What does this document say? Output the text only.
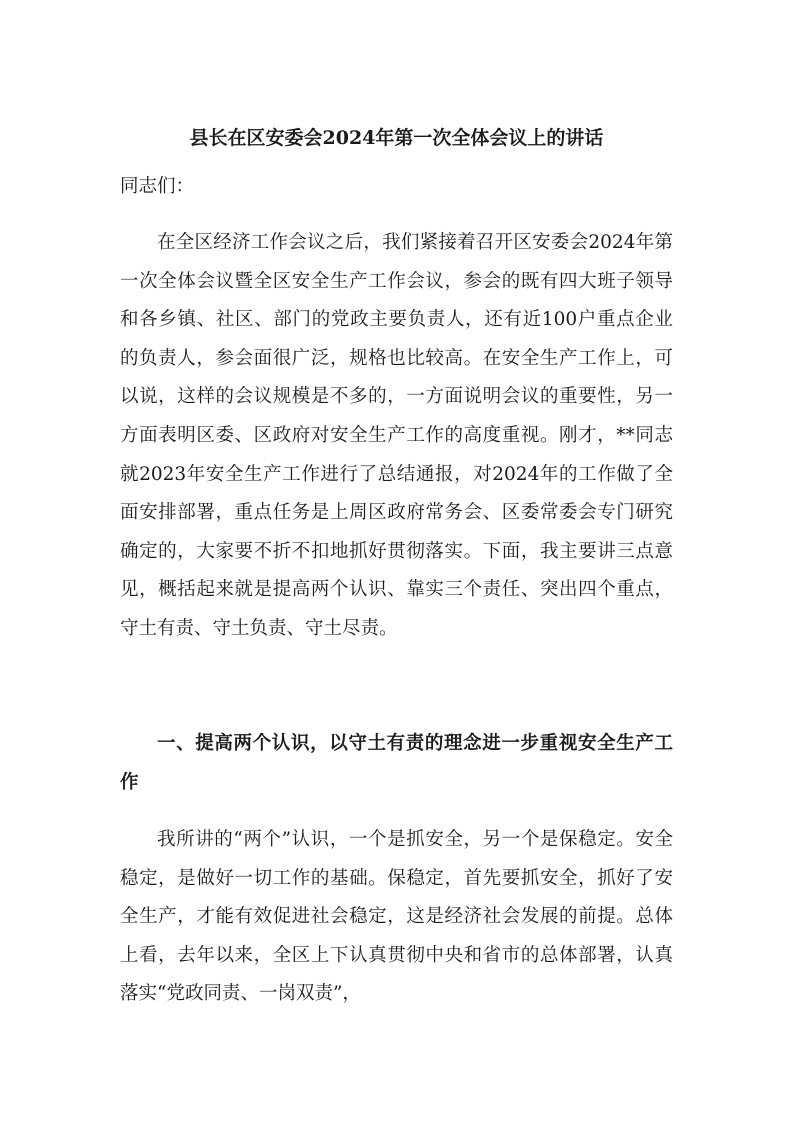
县长在区安委会2024年第一次全体会议上的讲话

同志们：

在全区经济工作会议之后，我们紧接着召开区安委会2024年第一次全体会议暨全区安全生产工作会议，参会的既有四大班子领导和各乡镇、社区、部门的党政主要负责人，还有近100户重点企业的负责人，参会面很广泛，规格也比较高。在安全生产工作上，可以说，这样的会议规模是不多的，一方面说明会议的重要性，另一方面表明区委、区政府对安全生产工作的高度重视。刚才，**同志就2023年安全生产工作进行了总结通报，对2024年的工作做了全面安排部署，重点任务是上周区政府常务会、区委常委会专门研究确定的，大家要不折不扣地抓好贯彻落实。下面，我主要讲三点意见，概括起来就是提高两个认识、靠实三个责任、突出四个重点，守土有责、守土负责、守土尽责。

一、提高两个认识，以守土有责的理念进一步重视安全生产工作

我所讲的“两个”认识，一个是抓安全，另一个是保稳定。安全稳定，是做好一切工作的基础。保稳定，首先要抓安全，抓好了安全生产，才能有效促进社会稳定，这是经济社会发展的前提。总体上看，去年以来，全区上下认真贯彻中央和省市的总体部署，认真落实“党政同责、一岗双责”，
